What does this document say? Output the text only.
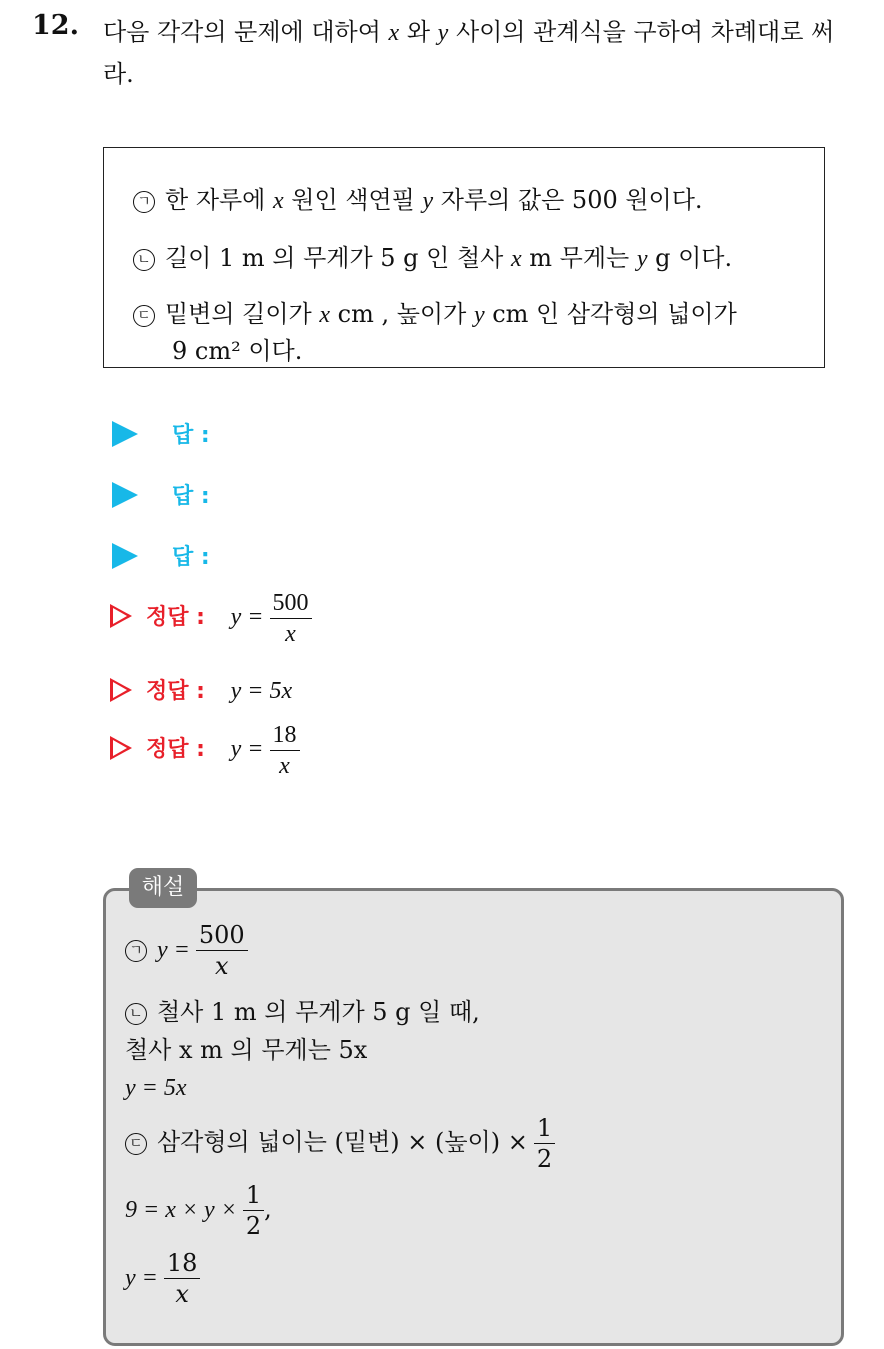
12. 다음 각각의 문제에 대하여 x 와 y 사이의 관계식을 구하여 차례대로 써라.
ㄱ 한 자루에 x 원인 색연필 y 자루의 값은 500 원이다.
ㄴ 길이 1 m 의 무게가 5 g 인 철사 x m 무게는 y g 이다.
ㄷ 밑변의 길이가 x cm , 높이가 y cm 인 삼각형의 넓이가
9 cm² 이다.
답 :
답 :
답 :
정답 : $y = \frac{500}{x}$
정답 : y = 5x
정답 : $y = \frac{18}{x}$
해설
ㄱ $y = \frac{500}{x}$
ㄴ 철사 1 m 의 무게가 5 g 일 때,
철사 x m 의 무게는 5x
y = 5x
ㄷ 삼각형의 넓이는 (밑변) × (높이) × $\frac{1}{2}$
$9 = x \times y \times \frac{1}{2}$ ,
$y = \frac{18}{x}$
